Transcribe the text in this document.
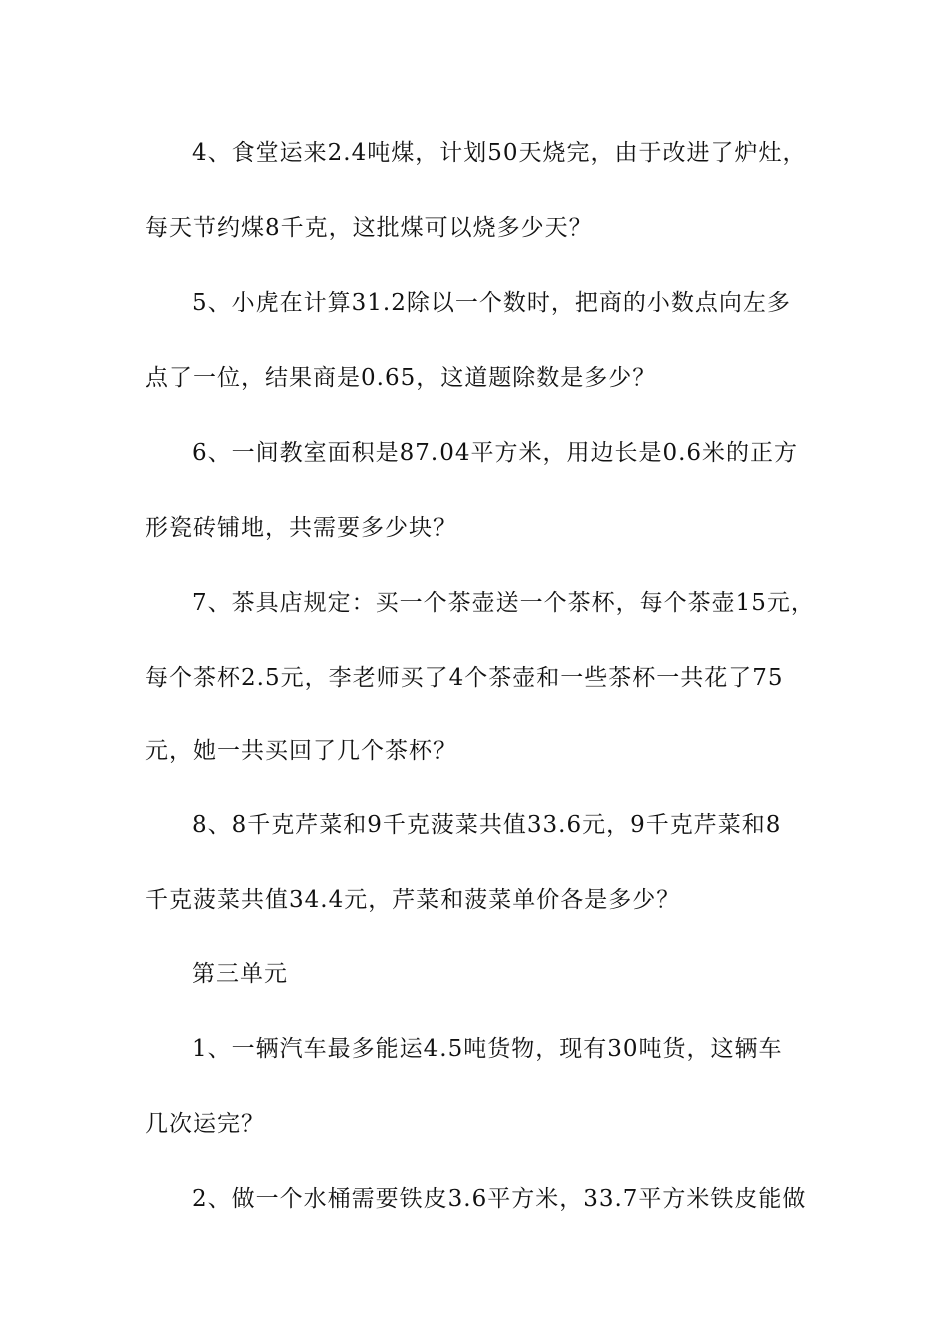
4、食堂运来2.4吨煤，计划50天烧完，由于改进了炉灶，
每天节约煤8千克，这批煤可以烧多少天？
5、小虎在计算31.2除以一个数时，把商的小数点向左多
点了一位，结果商是0.65，这道题除数是多少？
6、一间教室面积是87.04平方米，用边长是0.6米的正方
形瓷砖铺地，共需要多少块？
7、茶具店规定：买一个茶壶送一个茶杯，每个茶壶15元，
每个茶杯2.5元，李老师买了4个茶壶和一些茶杯一共花了75
元，她一共买回了几个茶杯？
8、8千克芹菜和9千克菠菜共值33.6元，9千克芹菜和8
千克菠菜共值34.4元，芹菜和菠菜单价各是多少？
第三单元
1、一辆汽车最多能运4.5吨货物，现有30吨货，这辆车
几次运完？
2、做一个水桶需要铁皮3.6平方米，33.7平方米铁皮能做
